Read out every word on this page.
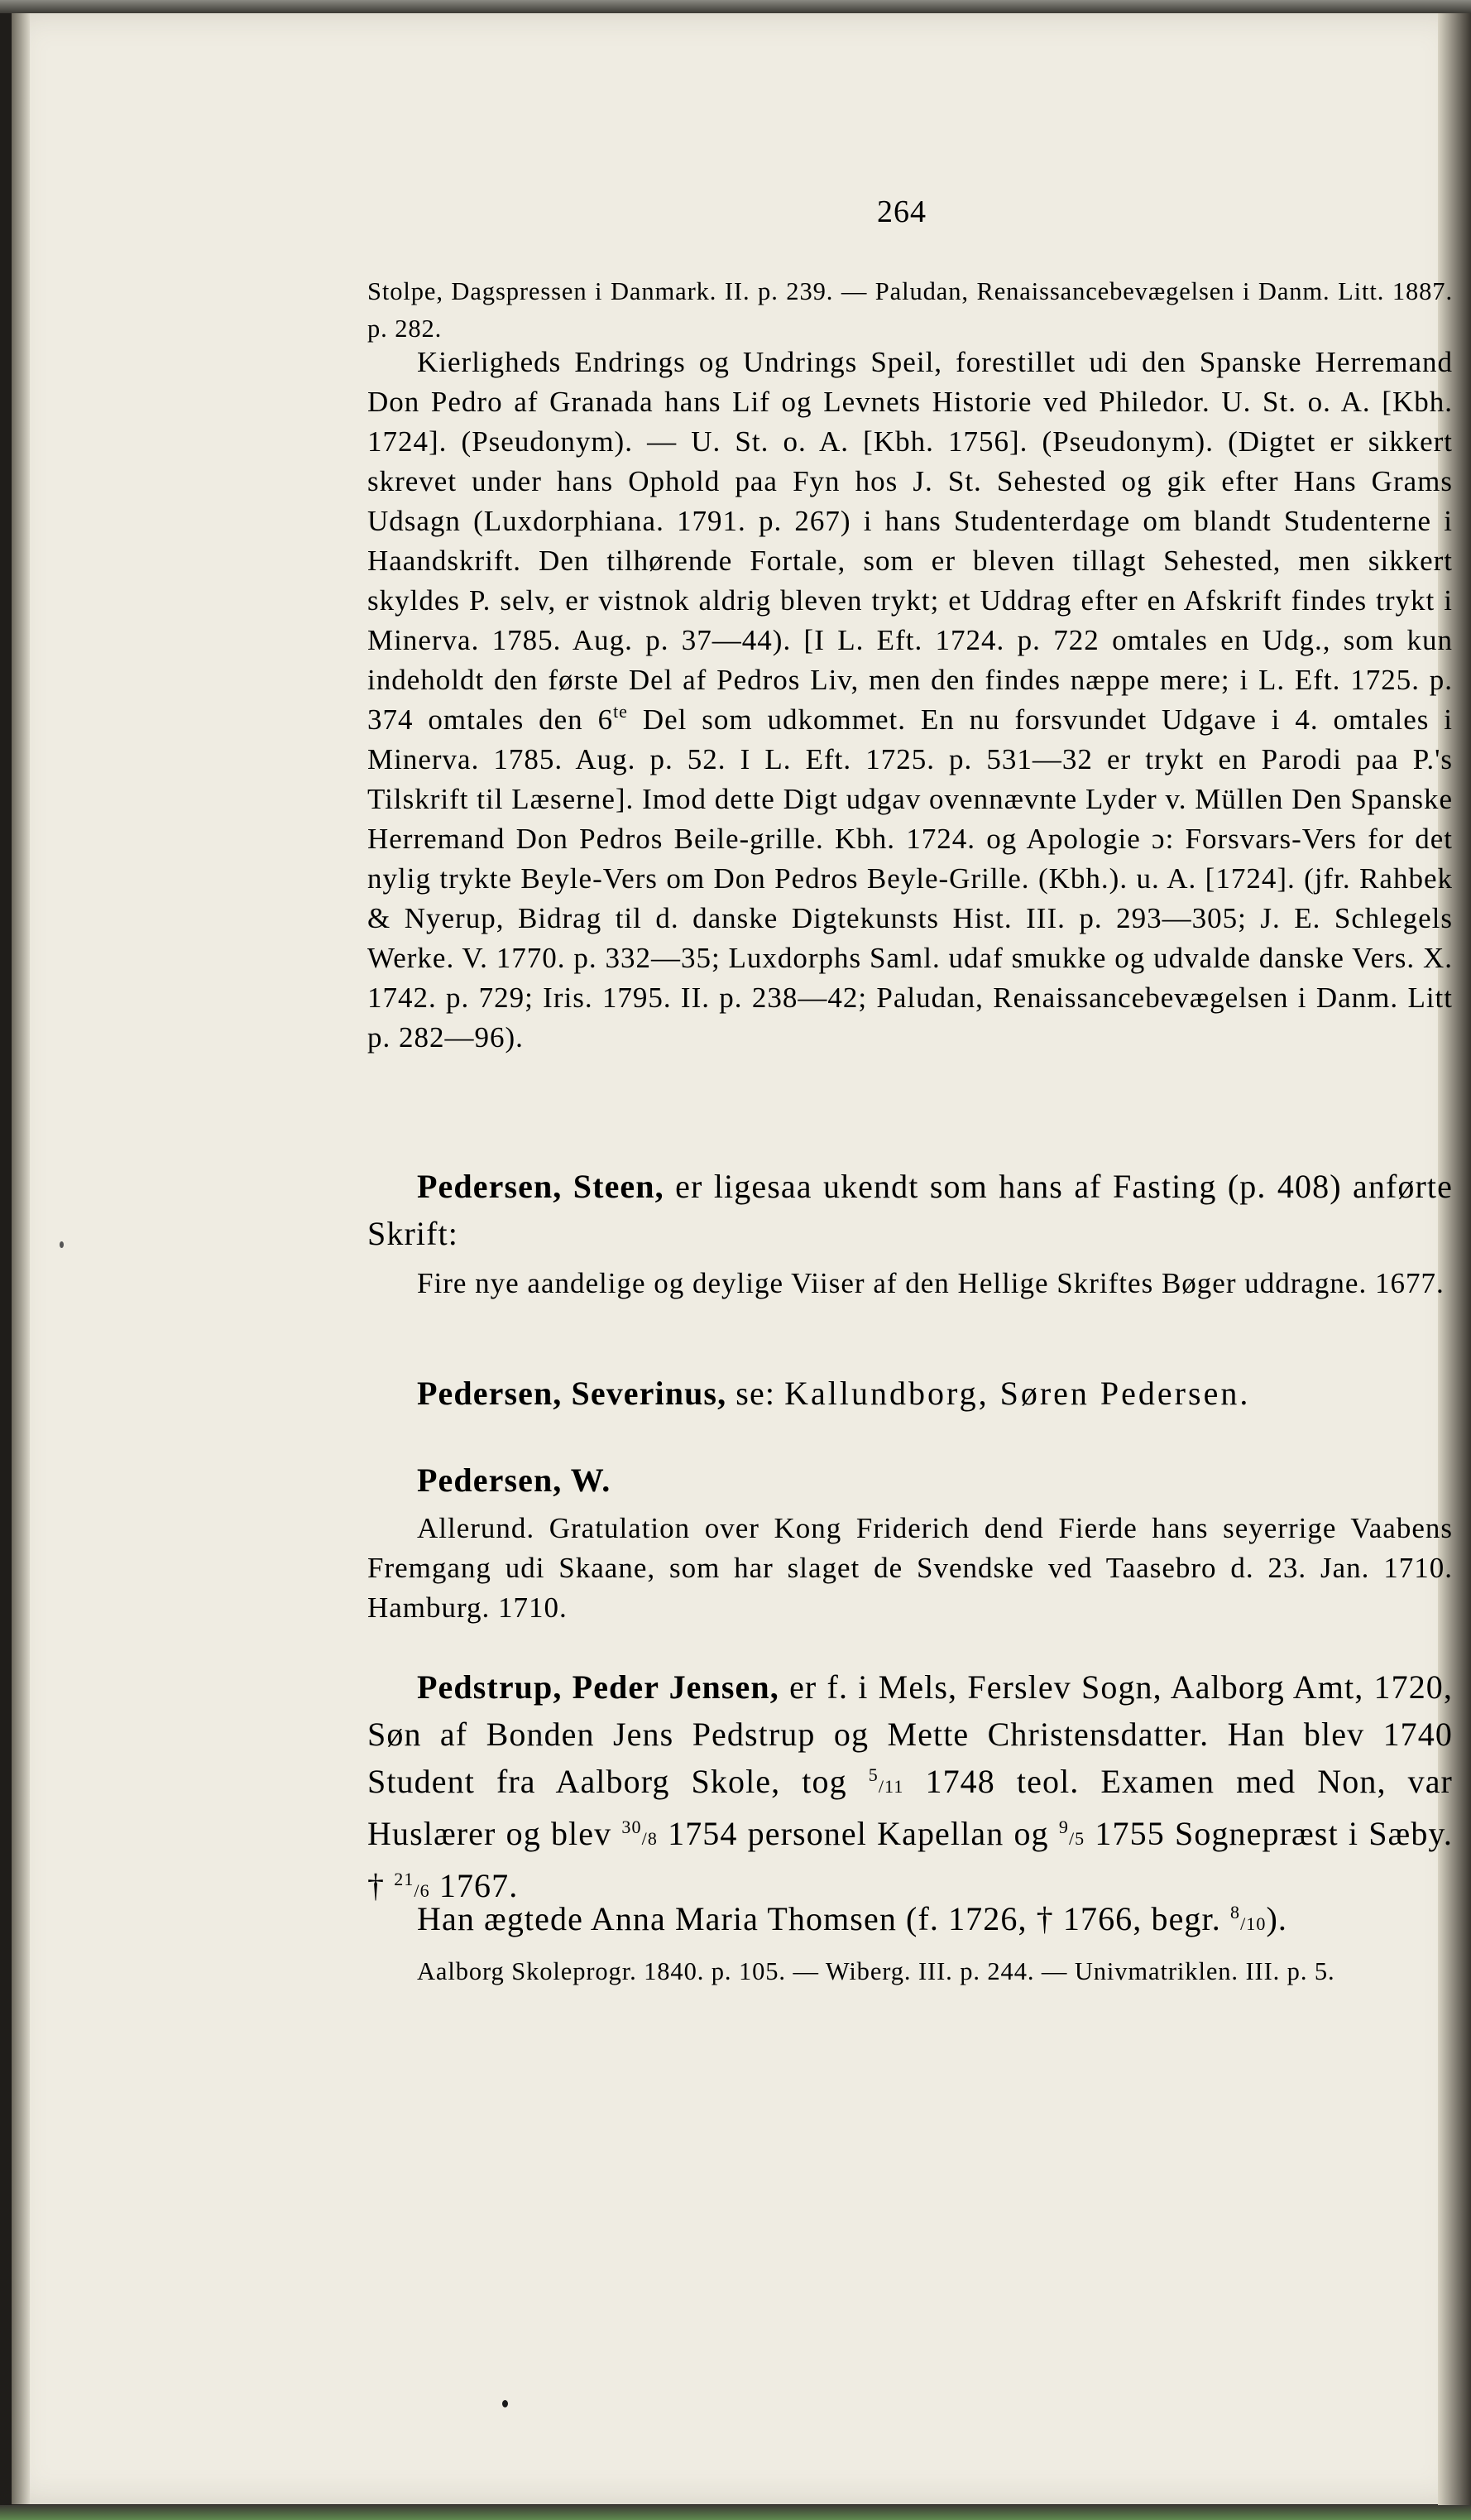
264

Stolpe, Dagspressen i Danmark. II. p. 239. — Paludan, Renaissancebevægelsen i Danm. Litt. 1887. p. 282.

Kierligheds Endrings og Undrings Speil, forestillet udi den Spanske Herremand Don Pedro af Granada hans Lif og Levnets Historie ved Philedor. U. St. o. A. [Kbh. 1724]. (Pseudonym). — U. St. o. A. [Kbh. 1756]. (Pseudonym). (Digtet er sikkert skrevet under hans Ophold paa Fyn hos J. St. Sehested og gik efter Hans Grams Udsagn (Luxdorphiana. 1791. p. 267) i hans Studenterdage om blandt Studenterne i Haandskrift. Den tilhørende Fortale, som er bleven tillagt Sehested, men sikkert skyldes P. selv, er vistnok aldrig bleven trykt; et Uddrag efter en Afskrift findes trykt i Minerva. 1785. Aug. p. 37—44). [I L. Eft. 1724. p. 722 omtales en Udg., som kun indeholdt den første Del af Pedros Liv, men den findes næppe mere; i L. Eft. 1725. p. 374 omtales den $6^{te}$ Del som udkommet. En nu forsvundet Udgave i 4. omtales i Minerva. 1785. Aug. p. 52. I L. Eft. 1725. p. 531—32 er trykt en Parodi paa P.'s Tilskrift til Læserne]. Imod dette Digt udgav ovennævnte Lyder v. Müllen Den Spanske Herremand Don Pedros Beile-grille. Kbh. 1724. og Apologie ɔ: Forsvars-Vers for det nylig trykte Beyle-Vers om Don Pedros Beyle-Grille. (Kbh.). u. A. [1724]. (jfr. Rahbek & Nyerup, Bidrag til d. danske Digtekunsts Hist. III. p. 293—305; J. E. Schlegels Werke. V. 1770. p. 332—35; Luxdorphs Saml. udaf smukke og udvalde danske Vers. X. 1742. p. 729; Iris. 1795. II. p. 238—42; Paludan, Renaissancebevægelsen i Danm. Litt p. 282—96).

Pedersen, Steen, er ligesaa ukendt som hans af Fasting (p. 408) anførte Skrift:

Fire nye aandelige og deylige Viiser af den Hellige Skriftes Bøger uddragne. 1677.

Pedersen, Severinus, se: Kallundborg, Søren Pedersen.

Pedersen, W.

Allerund. Gratulation over Kong Friderich dend Fierde hans seyerrige Vaabens Fremgang udi Skaane, som har slaget de Svendske ved Taasebro d. 23. Jan. 1710. Hamburg. 1710.

Pedstrup, Peder Jensen, er f. i Mels, Ferslev Sogn, Aalborg Amt, 1720, Søn af Bonden Jens Pedstrup og Mette Christensdatter. Han blev 1740 Student fra Aalborg Skole, tog $^5$/11 1748 teol. Examen med Non, var Huslærer og blev $^{30}$/8 1754 personel Kapellan og $^9$/5 1755 Sognepræst i Sæby. † $^{21}$/6 1767.

Han ægtede Anna Maria Thomsen (f. 1726, † 1766, begr. $^8$/10).

Aalborg Skoleprogr. 1840. p. 105. — Wiberg. III. p. 244. — Univmatriklen. III. p. 5.
